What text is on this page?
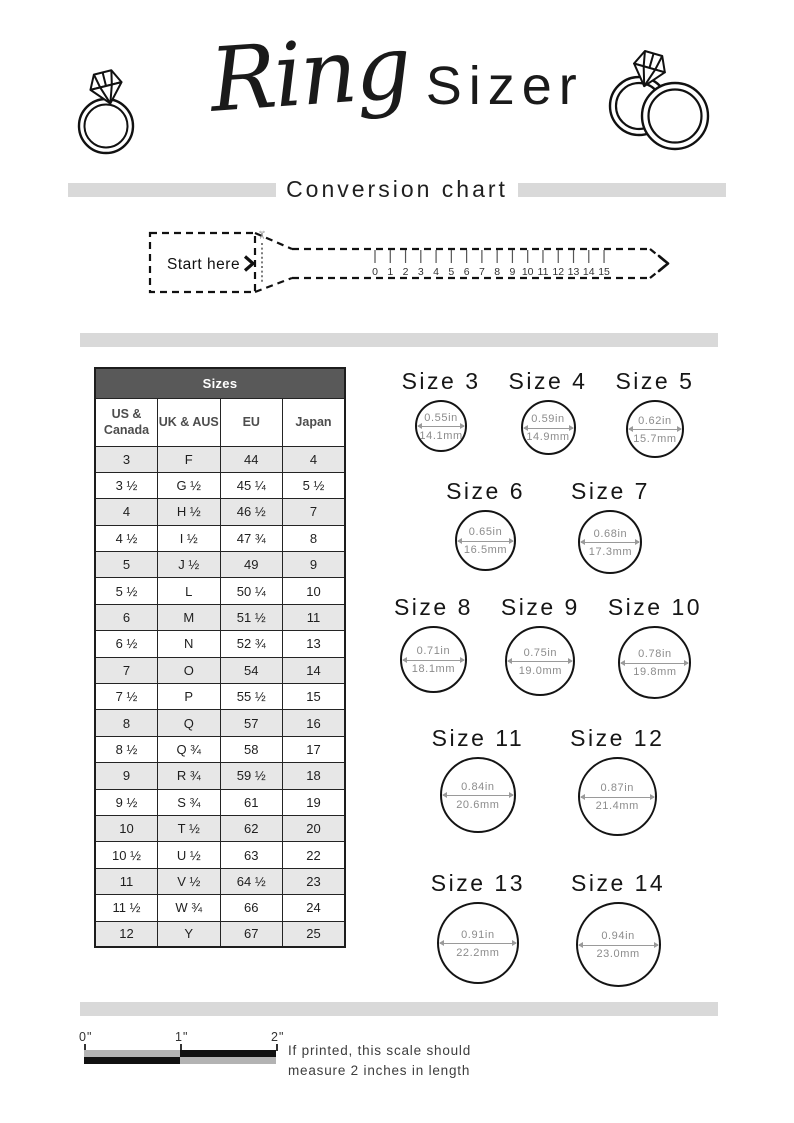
Ring Sizer
Conversion chart
Start here
✂
0 1 2 3 4 5 6 7 8 9 10 11 12 13 14 15
Sizes			
US & Canada	UK & AUS	EU	Japan
3	F	44	4
3 ½	G ½	45 ¼	5 ½
4	H ½	46 ½	7
4 ½	I ½	47 ¾	8
5	J ½	49	9
5 ½	L	50 ¼	10
6	M	51 ½	11
6 ½	N	52 ¾	13
7	O	54	14
7 ½	P	55 ½	15
8	Q	57	16
8 ½	Q ¾	58	17
9	R ¾	59 ½	18
9 ½	S ¾	61	19
10	T ½	62	20
10 ½	U ½	63	22
11	V ½	64 ½	23
11 ½	W ¾	66	24
12	Y	67	25
Size 3
0.55in
14.1mm
Size 4
0.59in
14.9mm
Size 5
0.62in
15.7mm
Size 6
0.65in
16.5mm
Size 7
0.68in
17.3mm
Size 8
0.71in
18.1mm
Size 9
0.75in
19.0mm
Size 10
0.78in
19.8mm
Size 11
0.84in
20.6mm
Size 12
0.87in
21.4mm
Size 13
0.91in
22.2mm
Size 14
0.94in
23.0mm
0"	1"	2"
If printed, this scale should
measure 2 inches in length
